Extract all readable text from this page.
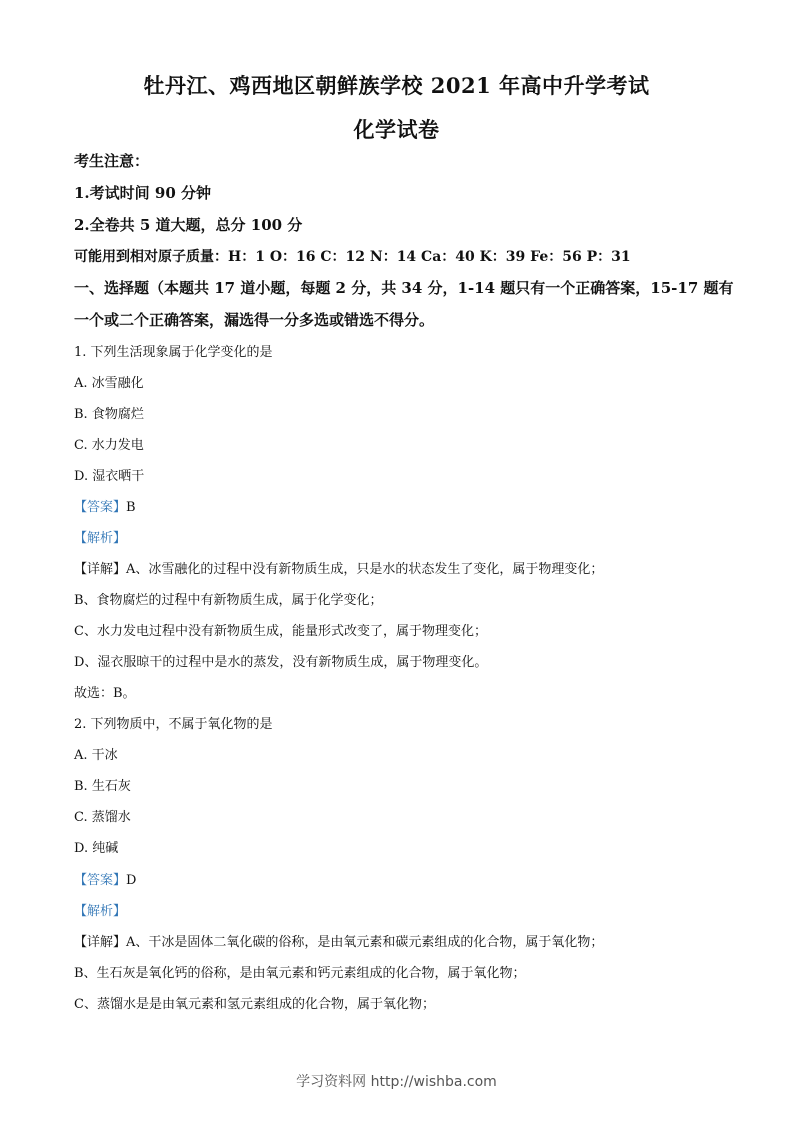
牡丹江、鸡西地区朝鲜族学校 2021 年高中升学考试
化学试卷
考生注意：
1.考试时间 90 分钟
2.全卷共 5 道大题，总分 100 分
可能用到相对原子质量：H：1 O：16 C：12 N：14 Ca：40 K：39 Fe：56 P：31
一、选择题（本题共 17 道小题，每题 2 分，共 34 分，1-14 题只有一个正确答案，15-17 题有
一个或二个正确答案，漏选得一分多选或错选不得分。
1. 下列生活现象属于化学变化的是
A. 冰雪融化
B. 食物腐烂
C. 水力发电
D. 湿衣晒干
【答案】B
【解析】
【详解】A、冰雪融化的过程中没有新物质生成，只是水的状态发生了变化，属于物理变化；
B、食物腐烂的过程中有新物质生成，属于化学变化；
C、水力发电过程中没有新物质生成，能量形式改变了，属于物理变化；
D、湿衣服晾干的过程中是水的蒸发，没有新物质生成，属于物理变化。
故选：B。
2. 下列物质中，不属于氧化物的是
A. 干冰
B. 生石灰
C. 蒸馏水
D. 纯碱
【答案】D
【解析】
【详解】A、干冰是固体二氧化碳的俗称，是由氧元素和碳元素组成的化合物，属于氧化物；
B、生石灰是氧化钙的俗称，是由氧元素和钙元素组成的化合物，属于氧化物；
C、蒸馏水是是由氧元素和氢元素组成的化合物，属于氧化物；
学习资料网 http://wishba.com
